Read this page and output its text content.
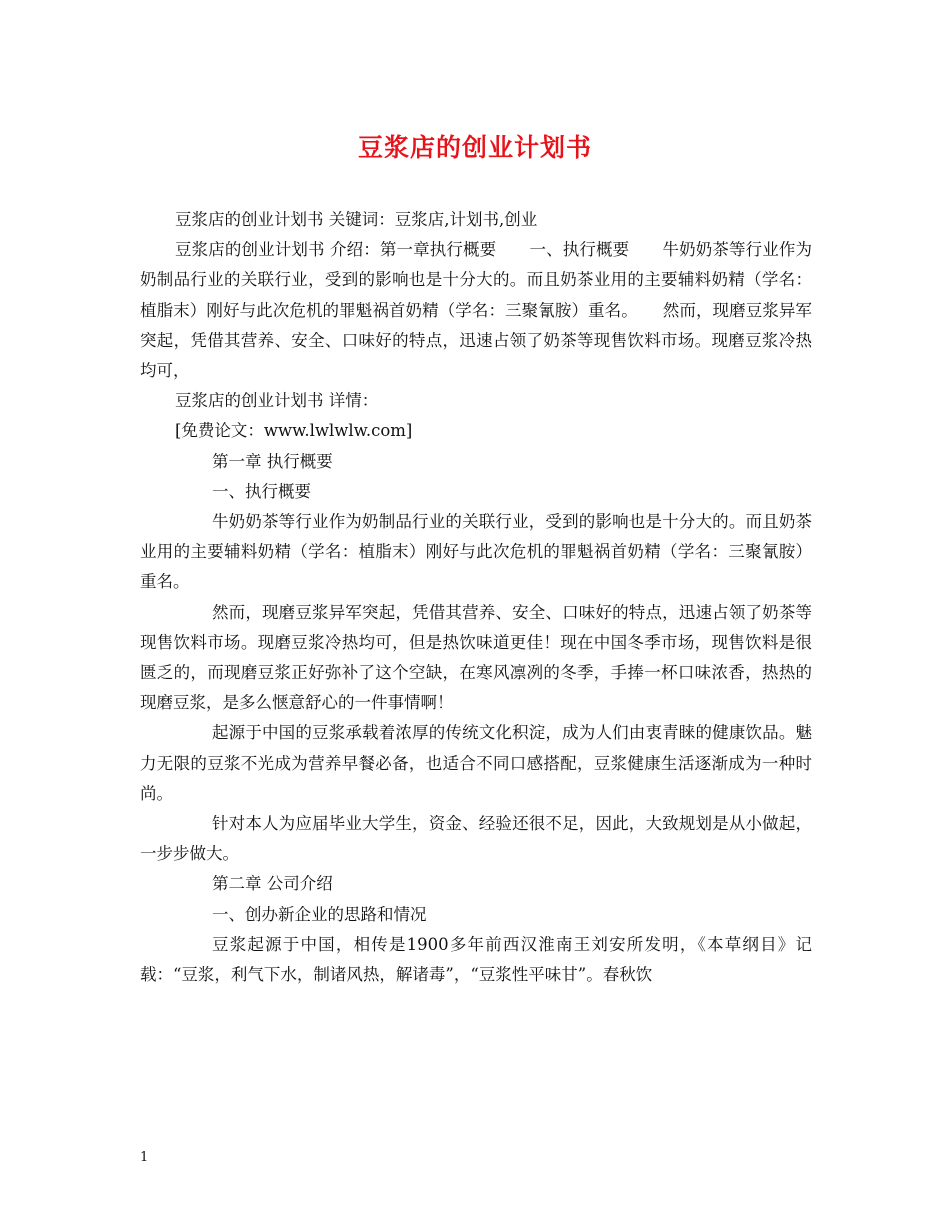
豆浆店的创业计划书

豆浆店的创业计划书 关键词：豆浆店,计划书,创业

豆浆店的创业计划书 介绍：第一章执行概要　　一、执行概要　　牛奶奶茶等行业作为奶制品行业的关联行业，受到的影响也是十分大的。而且奶茶业用的主要辅料奶精（学名：植脂末）刚好与此次危机的罪魁祸首奶精（学名：三聚氰胺）重名。　　然而，现磨豆浆异军突起，凭借其营养、安全、口味好的特点，迅速占领了奶茶等现售饮料市场。现磨豆浆冷热均可，

豆浆店的创业计划书 详情：

[免费论文：www.lwlwlw.com]

第一章 执行概要

一、执行概要

牛奶奶茶等行业作为奶制品行业的关联行业，受到的影响也是十分大的。而且奶茶业用的主要辅料奶精（学名：植脂末）刚好与此次危机的罪魁祸首奶精（学名：三聚氰胺）重名。

然而，现磨豆浆异军突起，凭借其营养、安全、口味好的特点，迅速占领了奶茶等现售饮料市场。现磨豆浆冷热均可，但是热饮味道更佳！现在中国冬季市场，现售饮料是很匮乏的，而现磨豆浆正好弥补了这个空缺，在寒风凛冽的冬季，手捧一杯口味浓香，热热的现磨豆浆，是多么惬意舒心的一件事情啊！

起源于中国的豆浆承载着浓厚的传统文化积淀，成为人们由衷青睐的健康饮品。魅力无限的豆浆不光成为营养早餐必备，也适合不同口感搭配，豆浆健康生活逐渐成为一种时尚。

针对本人为应届毕业大学生，资金、经验还很不足，因此，大致规划是从小做起，一步步做大。

第二章 公司介绍

一、创办新企业的思路和情况

豆浆起源于中国，相传是1900多年前西汉淮南王刘安所发明，《本草纲目》记载：“豆浆，利气下水，制诸风热，解诸毒”，“豆浆性平味甘”。春秋饮

1
